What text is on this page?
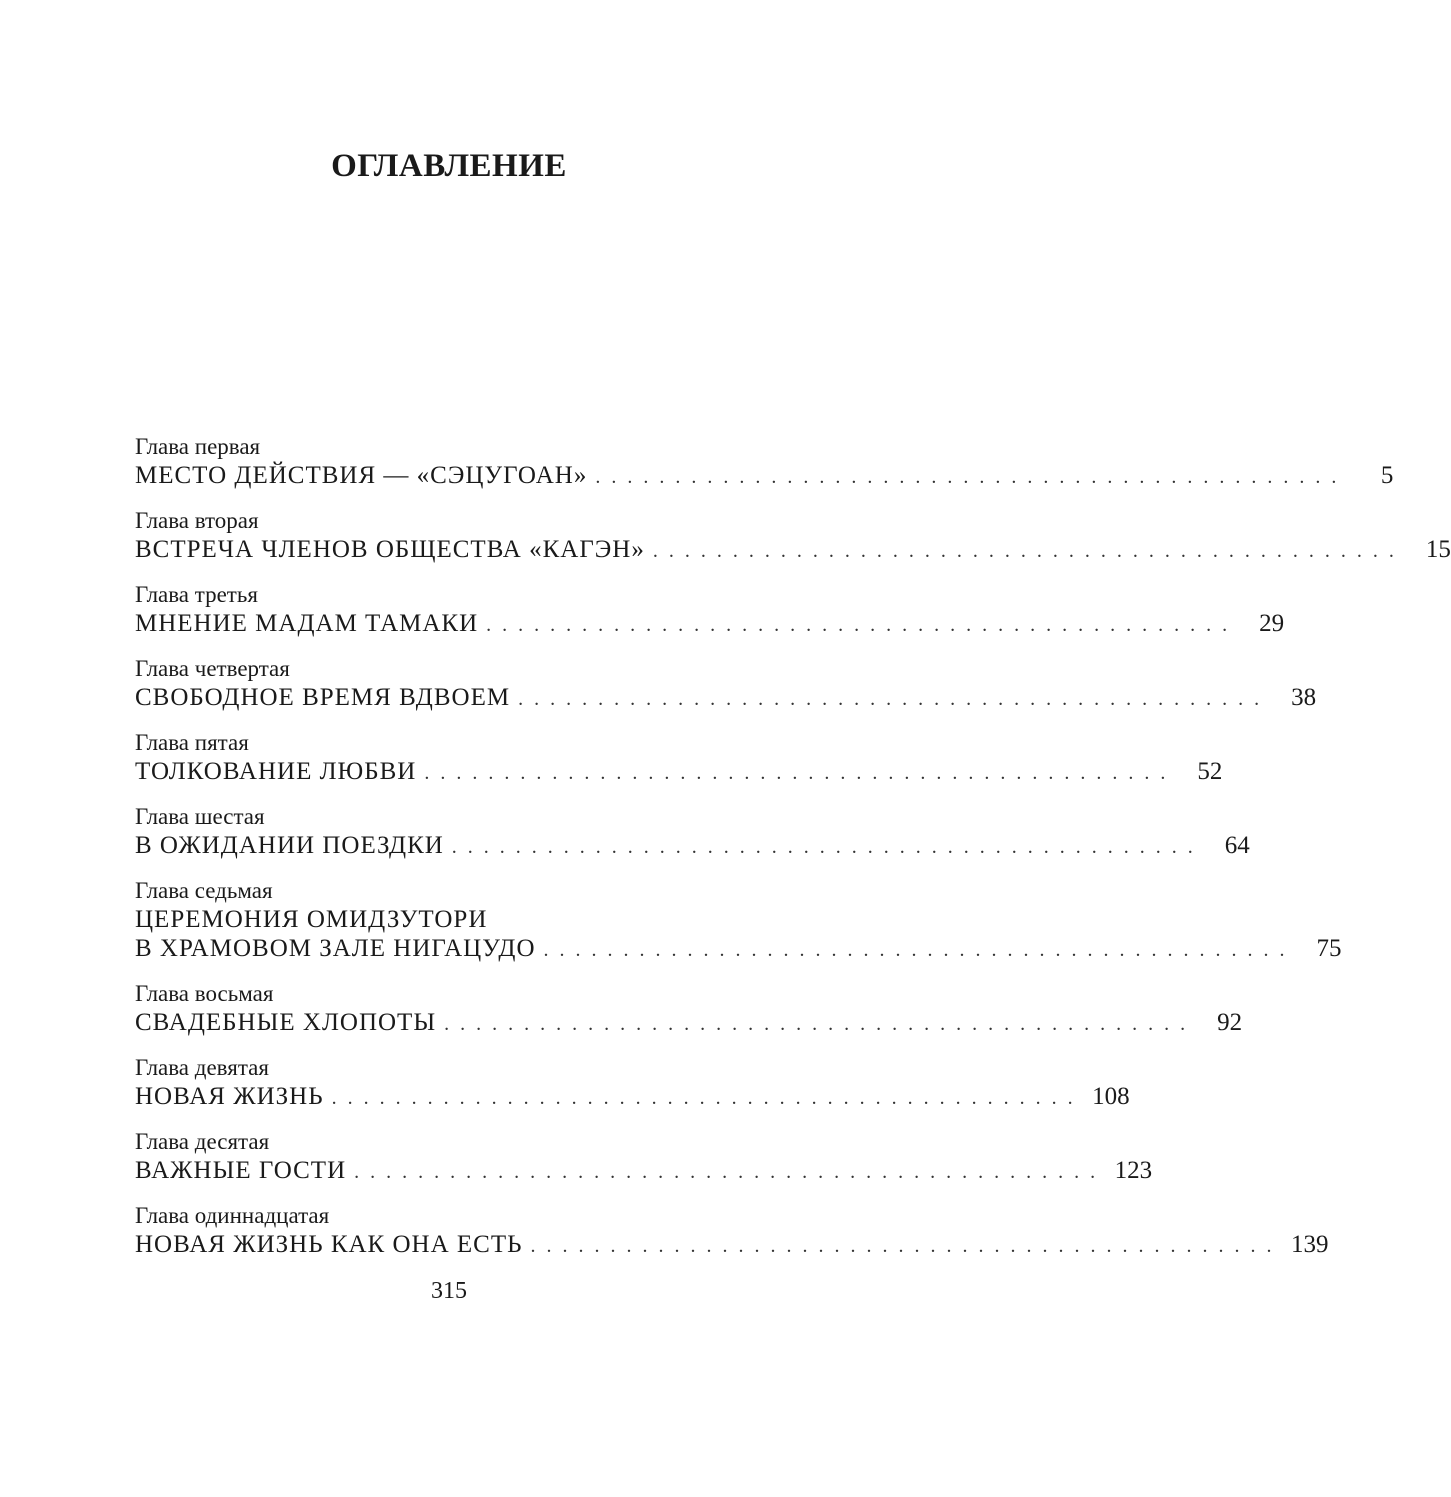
ОГЛАВЛЕНИЕ
Глава первая
МЕСТО ДЕЙСТВИЯ — «СЭЦУГОАН» . . . . . . . . . . . . . . . . . . . . . . . . . . . . . . . . . . . . . . . . . . . . . . .	5
Глава вторая
ВСТРЕЧА ЧЛЕНОВ ОБЩЕСТВА «КАГЭН» . . . . . . . . . . . . . . . . . . . . . . . . . . . . . . . . . . . . . . . . . . . . . . .	15
Глава третья
МНЕНИЕ МАДАМ ТАМАКИ . . . . . . . . . . . . . . . . . . . . . . . . . . . . . . . . . . . . . . . . . . . . . . .	29
Глава четвертая
СВОБОДНОЕ ВРЕМЯ ВДВОЕМ . . . . . . . . . . . . . . . . . . . . . . . . . . . . . . . . . . . . . . . . . . . . . . .	38
Глава пятая
ТОЛКОВАНИЕ ЛЮБВИ . . . . . . . . . . . . . . . . . . . . . . . . . . . . . . . . . . . . . . . . . . . . . . .	52
Глава шестая
В ОЖИДАНИИ ПОЕЗДКИ . . . . . . . . . . . . . . . . . . . . . . . . . . . . . . . . . . . . . . . . . . . . . . .	64
Глава седьмая
ЦЕРЕМОНИЯ ОМИДЗУТОРИ
В ХРАМОВОМ ЗАЛЕ НИГАЦУДО . . . . . . . . . . . . . . . . . . . . . . . . . . . . . . . . . . . . . . . . . . . . . . .	75
Глава восьмая
СВАДЕБНЫЕ ХЛОПОТЫ . . . . . . . . . . . . . . . . . . . . . . . . . . . . . . . . . . . . . . . . . . . . . . .	92
Глава девятая
НОВАЯ ЖИЗНЬ . . . . . . . . . . . . . . . . . . . . . . . . . . . . . . . . . . . . . . . . . . . . . . . 108
Глава десятая
ВАЖНЫЕ ГОСТИ . . . . . . . . . . . . . . . . . . . . . . . . . . . . . . . . . . . . . . . . . . . . . . . 123
Глава одиннадцатая
НОВАЯ ЖИЗНЬ КАК ОНА ЕСТЬ . . . . . . . . . . . . . . . . . . . . . . . . . . . . . . . . . . . . . . . . . . . . . . . 139
315
